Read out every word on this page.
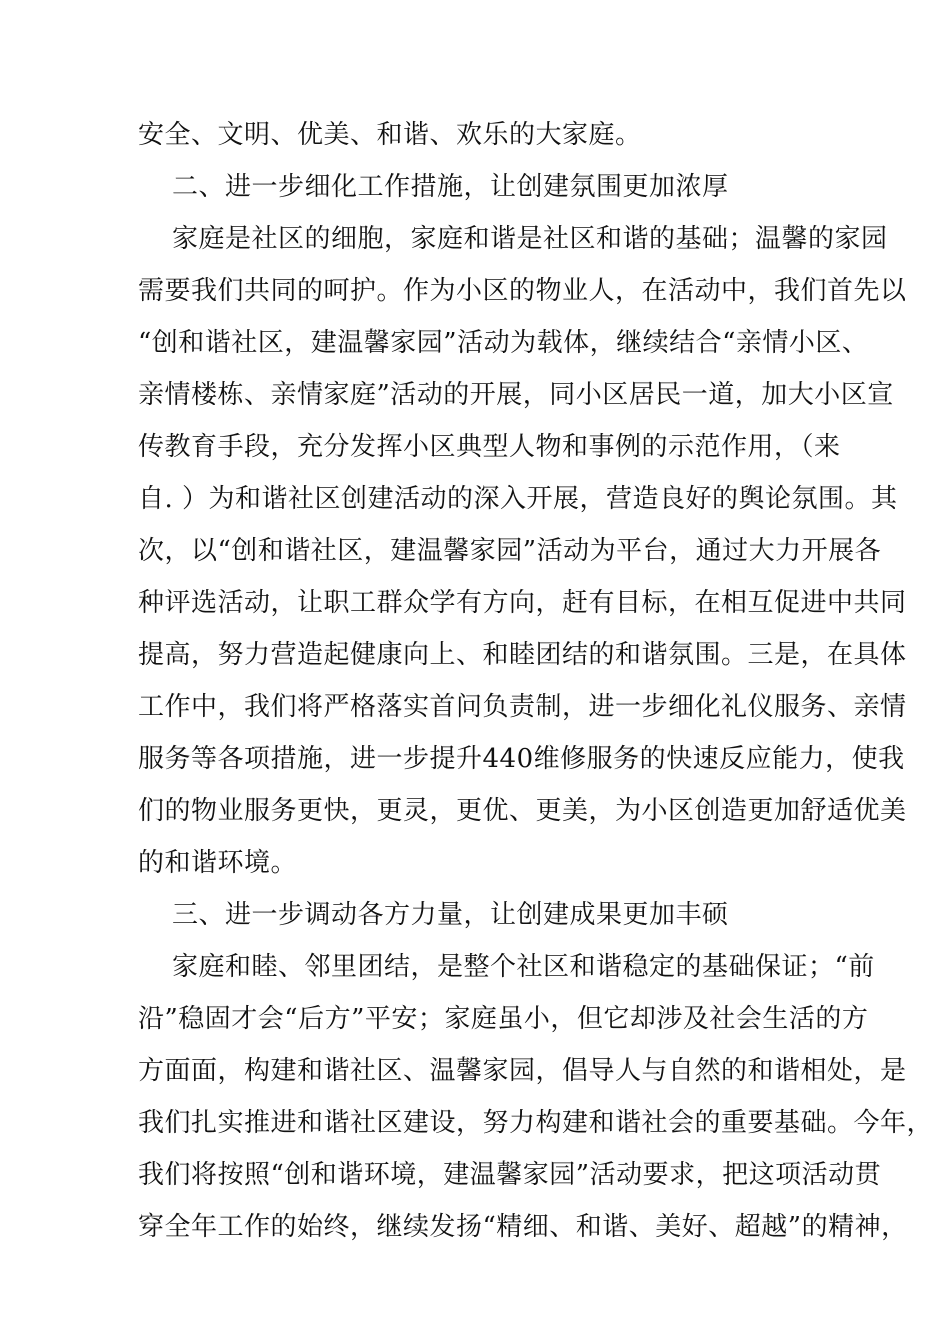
安全、文明、优美、和谐、欢乐的大家庭。
二、进一步细化工作措施，让创建氛围更加浓厚
家庭是社区的细胞，家庭和谐是社区和谐的基础；温馨的家园
需要我们共同的呵护。作为小区的物业人，在活动中，我们首先以
“创和谐社区，建温馨家园”活动为载体，继续结合“亲情小区、
亲情楼栋、亲情家庭”活动的开展，同小区居民一道，加大小区宣
传教育手段，充分发挥小区典型人物和事例的示范作用，（来
自. ）为和谐社区创建活动的深入开展，营造良好的舆论氛围。其
次，以“创和谐社区，建温馨家园”活动为平台，通过大力开展各
种评选活动，让职工群众学有方向，赶有目标，在相互促进中共同
提高，努力营造起健康向上、和睦团结的和谐氛围。三是，在具体
工作中，我们将严格落实首问负责制，进一步细化礼仪服务、亲情
服务等各项措施，进一步提升440维修服务的快速反应能力，使我
们的物业服务更快，更灵，更优、更美，为小区创造更加舒适优美
的和谐环境。
三、进一步调动各方力量，让创建成果更加丰硕
家庭和睦、邻里团结，是整个社区和谐稳定的基础保证；“前
沿”稳固才会“后方”平安；家庭虽小，但它却涉及社会生活的方
方面面，构建和谐社区、温馨家园，倡导人与自然的和谐相处，是
我们扎实推进和谐社区建设，努力构建和谐社会的重要基础。今年，
我们将按照“创和谐环境，建温馨家园”活动要求，把这项活动贯
穿全年工作的始终，继续发扬“精细、和谐、美好、超越”的精神，
